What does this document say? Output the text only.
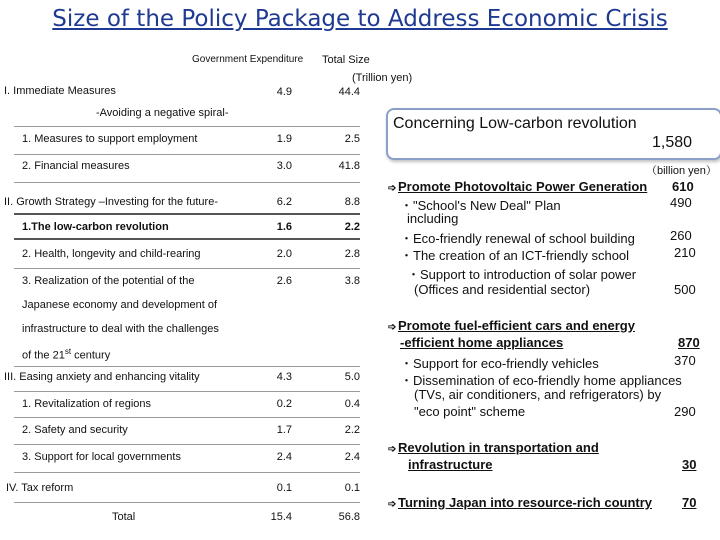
Size of the Policy Package to Address Economic Crisis
Government Expenditure Total Size
(Trillion yen)
I. Immediate Measures	4.9	44.4
-Avoiding a negative spiral-
1. Measures to support employment	1.9	2.5
2. Financial measures	3.0	41.8
II. Growth Strategy –Investing for the future-	6.2	8.8
1.The low-carbon revolution	1.6	2.2
2. Health, longevity and child-rearing	2.0	2.8
3. Realization of the potential of the	2.6	3.8
Japanese economy and development of
infrastructure to deal with the challenges
of the 21st century
III. Easing anxiety and enhancing vitality	4.3	5.0
1. Revitalization of regions	0.2	0.4
2. Safety and security	1.7	2.2
3. Support for local governments	2.4	2.4
IV. Tax reform	0.1	0.1
Total	15.4	56.8
Concerning Low-carbon revolution
1,580
（billion yen）
➩ Promote Photovoltaic Power Generation 610
・"School's New Deal" Plan	490
including
・Eco-friendly renewal of school building	260
・The creation of an ICT-friendly school	210
・Support to introduction of solar power
(Offices and residential sector)	500
➩ Promote fuel-efficient cars and energy
-efficient home appliances	870
・Support for eco-friendly vehicles	370
・Dissemination of eco-friendly home appliances
(TVs, air conditioners, and refrigerators) by
"eco point" scheme	290
➩ Revolution in transportation and
infrastructure	30
➩ Turning Japan into resource-rich country 70
